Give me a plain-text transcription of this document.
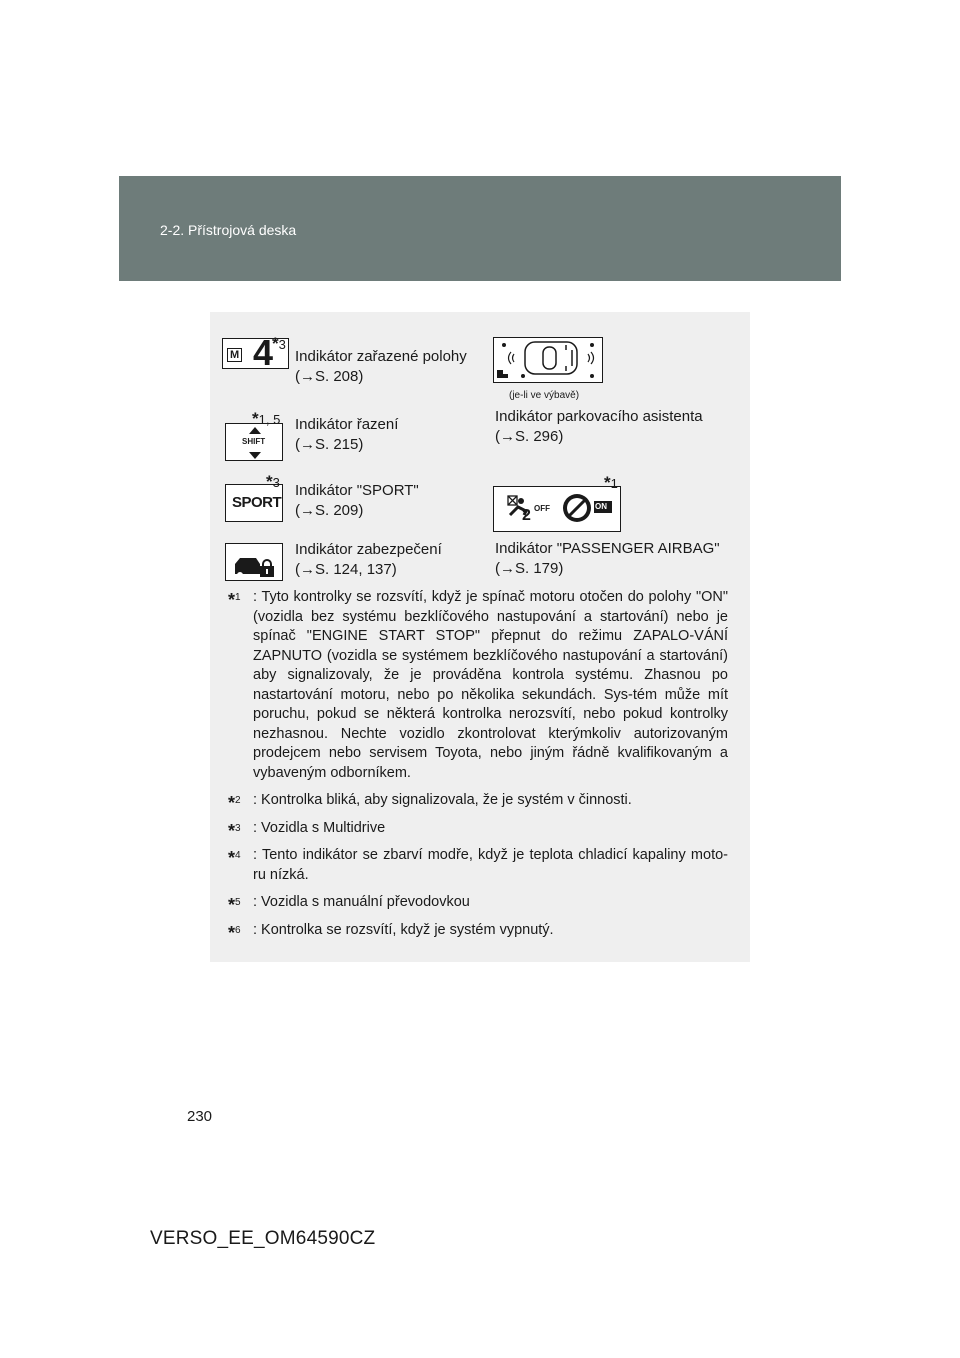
2-2. Přístrojová deska
M 4
*3
Indikátor zařazené polohy
(→S. 208)
SHIFT
*1, 5 Indikátor řazení
(→S. 215)
SPORT
*3 Indikátor "SPORT"
(→S. 209)
Indikátor zabezpečení
(→S. 124, 137)
(je-li ve výbavě)
Indikátor parkovacího asistenta
(→S. 296)
2 OFF	ON
*1
Indikátor "PASSENGER AIRBAG"
(→S. 179)
*$^1$ : Tyto kontrolky se rozsvítí, když je spínač motoru otočen do polohy "ON" (vozidla bez systému bezklíčového nastupování a startování) nebo je spínač "ENGINE START STOP" přepnut do režimu ZAPALO-VÁNÍ ZAPNUTO (vozidla se systémem bezklíčového nastupování a startování) aby signalizovaly, že je prováděna kontrola systému. Zhasnou po nastartování motoru, nebo po několika sekundách. Sys-tém může mít poruchu, pokud se některá kontrolka nerozsvítí, nebo pokud kontrolky nezhasnou. Nechte vozidlo zkontrolovat kterýmkoliv autorizovaným prodejcem nebo servisem Toyota, nebo jiným řádně kvalifikovaným a vybaveným odborníkem.
*$^2$ : Kontrolka bliká, aby signalizovala, že je systém v činnosti.
*$^3$ : Vozidla s Multidrive
*$^4$ : Tento indikátor se zbarví modře, když je teplota chladicí kapaliny moto-ru nízká.
*$^5$ : Vozidla s manuální převodovkou
*$^6$ : Kontrolka se rozsvítí, když je systém vypnutý.
230
VERSO_EE_OM64590CZ
